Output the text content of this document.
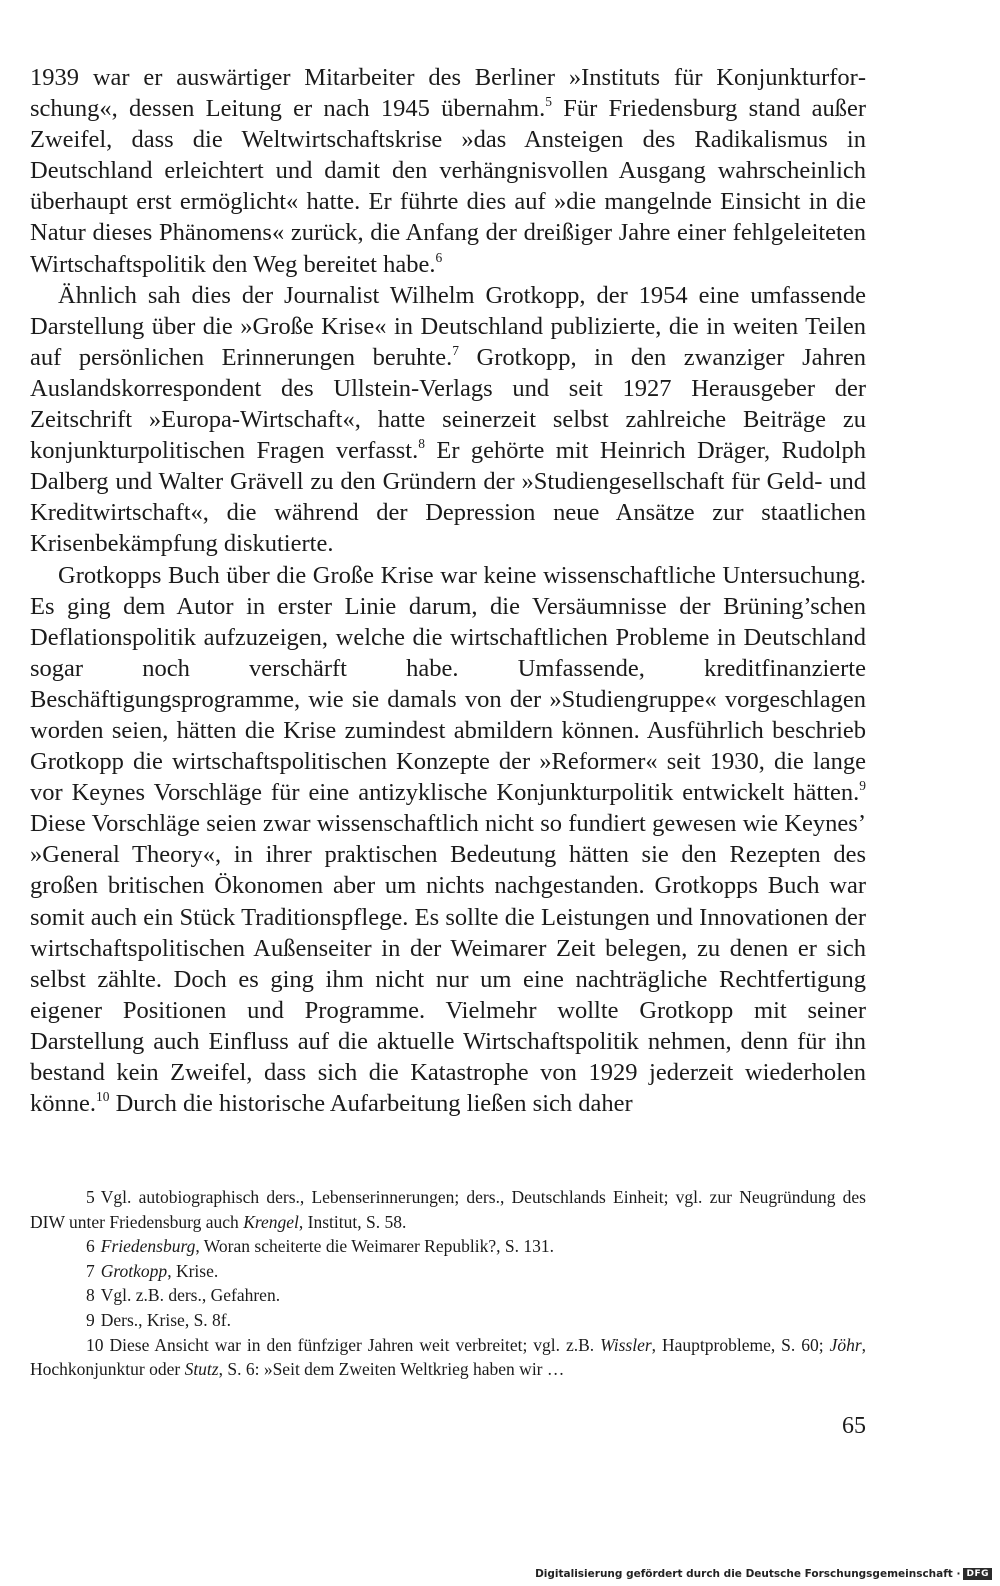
1939 war er auswärtiger Mitarbeiter des Berliner »Instituts für Konjunkturforschung«, dessen Leitung er nach 1945 übernahm.$^5$ Für Friedensburg stand außer Zweifel, dass die Weltwirtschaftskrise »das Ansteigen des Radikalismus in Deutschland erleichtert und damit den verhängnisvollen Ausgang wahrscheinlich überhaupt erst ermöglicht« hatte. Er führte dies auf »die mangelnde Einsicht in die Natur dieses Phänomens« zurück, die Anfang der dreißiger Jahre einer fehlgeleiteten Wirtschaftspolitik den Weg bereitet habe.$^6$

Ähnlich sah dies der Journalist Wilhelm Grotkopp, der 1954 eine umfassende Darstellung über die »Große Krise« in Deutschland publizierte, die in weiten Teilen auf persönlichen Erinnerungen beruhte.$^7$ Grotkopp, in den zwanziger Jahren Auslandskorrespondent des Ullstein-Verlags und seit 1927 Herausgeber der Zeitschrift »Europa-Wirtschaft«, hatte seinerzeit selbst zahlreiche Beiträge zu konjunkturpolitischen Fragen verfasst.$^8$ Er gehörte mit Heinrich Dräger, Rudolph Dalberg und Walter Grävell zu den Gründern der »Studiengesellschaft für Geld- und Kreditwirtschaft«, die während der Depression neue Ansätze zur staatlichen Krisenbekämpfung diskutierte.

Grotkopps Buch über die Große Krise war keine wissenschaftliche Untersuchung. Es ging dem Autor in erster Linie darum, die Versäumnisse der Brüning’schen Deflationspolitik aufzuzeigen, welche die wirtschaftlichen Probleme in Deutschland sogar noch verschärft habe. Umfassende, kreditfinanzierte Beschäftigungsprogramme, wie sie damals von der »Studiengruppe« vorgeschlagen worden seien, hätten die Krise zumindest abmildern können. Ausführlich beschrieb Grotkopp die wirtschaftspolitischen Konzepte der »Reformer« seit 1930, die lange vor Keynes Vorschläge für eine antizyklische Konjunkturpolitik entwickelt hätten.$^9$ Diese Vorschläge seien zwar wissenschaftlich nicht so fundiert gewesen wie Keynes’ »General Theory«, in ihrer praktischen Bedeutung hätten sie den Rezepten des großen britischen Ökonomen aber um nichts nachgestanden. Grotkopps Buch war somit auch ein Stück Traditionspflege. Es sollte die Leistungen und Innovationen der wirtschaftspolitischen Außenseiter in der Weimarer Zeit belegen, zu denen er sich selbst zählte. Doch es ging ihm nicht nur um eine nachträgliche Rechtfertigung eigener Positionen und Programme. Vielmehr wollte Grotkopp mit seiner Darstellung auch Einfluss auf die aktuelle Wirtschaftspolitik nehmen, denn für ihn bestand kein Zweifel, dass sich die Katastrophe von 1929 jederzeit wiederholen könne.$^{10}$ Durch die historische Aufarbeitung ließen sich daher

5 Vgl. autobiographisch ders., Lebenserinnerungen; ders., Deutschlands Einheit; vgl. zur Neugründung des DIW unter Friedensburg auch Krengel, Institut, S. 58.

6 Friedensburg, Woran scheiterte die Weimarer Republik?, S. 131.

7 Grotkopp, Krise.

8 Vgl. z.B. ders., Gefahren.

9 Ders., Krise, S. 8f.

10 Diese Ansicht war in den fünfziger Jahren weit verbreitet; vgl. z.B. Wissler, Hauptprobleme, S. 60; Jöhr, Hochkonjunktur oder Stutz, S. 6: »Seit dem Zweiten Weltkrieg haben wir …

65
Digitalisierung gefördert durch die Deutsche Forschungsgemeinschaft · DFG
